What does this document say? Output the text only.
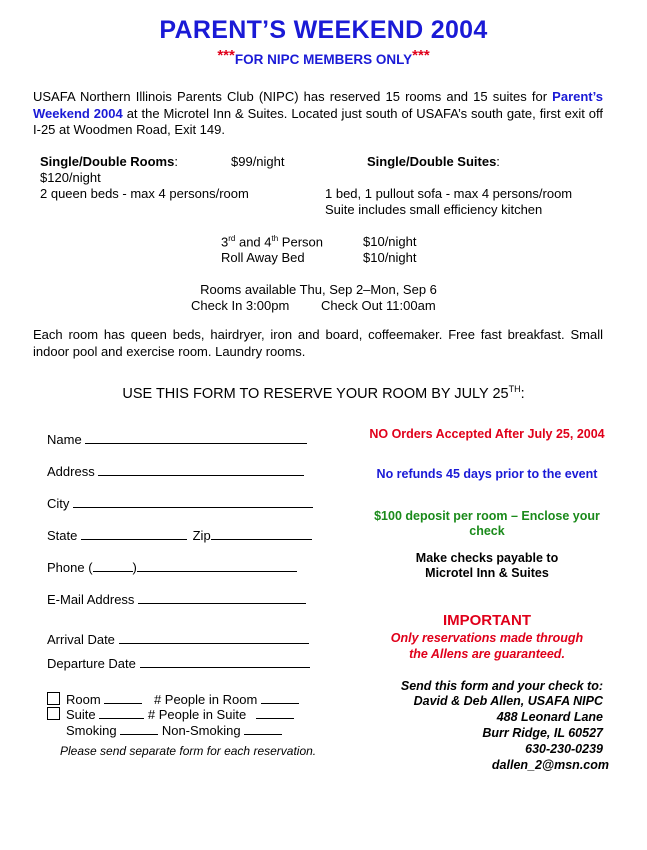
PARENT’S WEEKEND 2004
***FOR NIPC MEMBERS ONLY***
USAFA Northern Illinois Parents Club (NIPC) has reserved 15 rooms and 15 suites for Parent’s Weekend 2004 at the Microtel Inn & Suites. Located just south of USAFA’s south gate, first exit off I-25 at Woodmen Road, Exit 149.
Single/Double Rooms:	$99/night	Single/Double Suites:
$120/night
2 queen beds - max 4 persons/room	1 bed, 1 pullout sofa - max 4 persons/room
Suite includes small efficiency kitchen
3rd and 4th Person	$10/night
Roll Away Bed	$10/night
Rooms available Thu, Sep 2–Mon, Sep 6
Check In 3:00pm Check Out 11:00am
Each room has queen beds, hairdryer, iron and board, coffeemaker. Free fast breakfast. Small indoor pool and exercise room. Laundry rooms.
USE THIS FORM TO RESERVE YOUR ROOM BY JULY 25TH:
Name
Address
City
State	Zip
Phone (	)
E-Mail Address
Arrival Date
Departure Date
Room	# People in Room
Suite	# People in Suite
Smoking	Non-Smoking
Please send separate form for each reservation.
NO Orders Accepted After July 25, 2004
No refunds 45 days prior to the event
$100 deposit per room – Enclose your check
Make checks payable to
Microtel Inn & Suites
IMPORTANT
Only reservations made through
the Allens are guaranteed.
Send this form and your check to:
David & Deb Allen, USAFA NIPC
488 Leonard Lane
Burr Ridge, IL 60527
630-230-0239
dallen_2@msn.com
